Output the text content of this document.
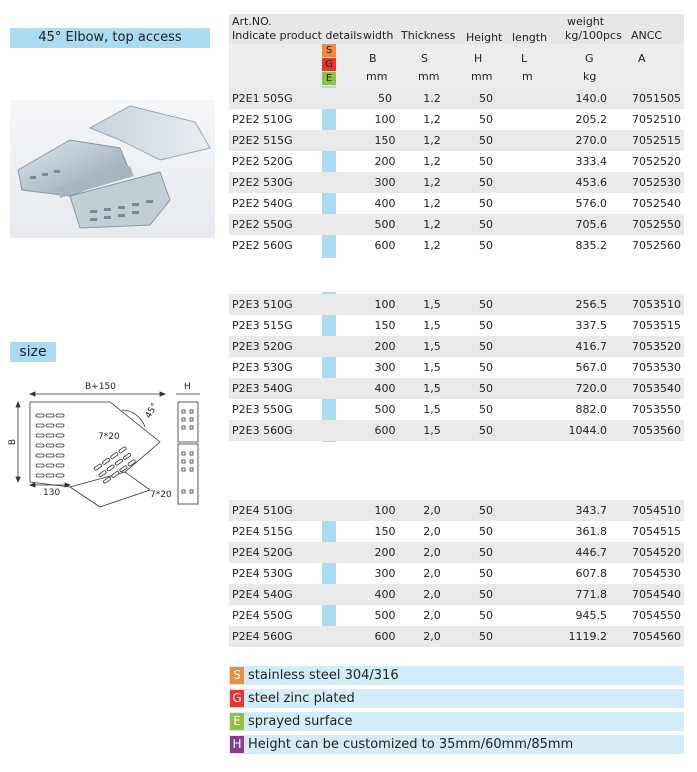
45° Elbow, top access
size
B+150
B
H
45°
7*20
7*20
130
Art.NO.
Indicate product details width Thickness Height length
weight
kg/100pcs ANCC
B	S	H	L	G	A
mm	mm	mm	m	kg
S
G
E
P2E1 505G	50	1.2	50	140.0 7051505
P2E2 510G	100	1,2	50	205.2 7052510
P2E2 515G	150	1,2	50	270.0 7052515
P2E2 520G	200	1,2	50	333.4 7052520
P2E2 530G	300	1,2	50	453.6 7052530
P2E2 540G	400	1,2	50	576.0 7052540
P2E2 550G	500	1,2	50	705.6 7052550
P2E2 560G	600	1,2	50	835.2 7052560
P2E3 510G	100	1,5	50	256.5 7053510
P2E3 515G	150	1,5	50	337.5 7053515
P2E3 520G	200	1,5	50	416.7 7053520
P2E3 530G	300	1,5	50	567.0 7053530
P2E3 540G	400	1,5	50	720.0 7053540
P2E3 550G	500	1,5	50	882.0 7053550
P2E3 560G	600	1,5	50	1044.0 7053560
P2E4 510G	100	2,0	50	343.7 7054510
P2E4 515G	150	2,0	50	361.8 7054515
P2E4 520G	200	2,0	50	446.7 7054520
P2E4 530G	300	2,0	50	607.8 7054530
P2E4 540G	400	2,0	50	771.8 7054540
P2E4 550G	500	2,0	50	945.5 7054550
P2E4 560G	600	2,0	50	1119.2 7054560
S stainless steel 304/316
G steel zinc plated
E sprayed surface
H Height can be customized to 35mm/60mm/85mm
